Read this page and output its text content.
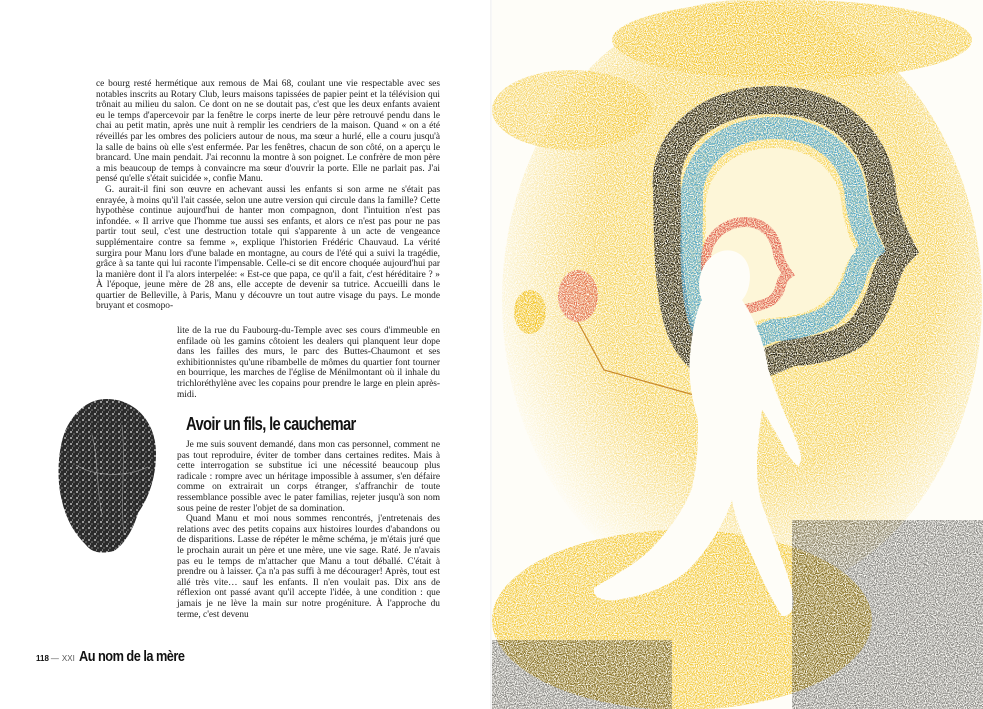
ce bourg resté hermétique aux remous de Mai 68, coulant une vie respectable avec ses notables inscrits au Rotary Club, leurs maisons tapissées de papier peint et la télévision qui trônait au milieu du salon. Ce dont on ne se doutait pas, c'est que les deux enfants avaient eu le temps d'apercevoir par la fenêtre le corps inerte de leur père retrouvé pendu dans le chai au petit matin, après une nuit à remplir les cendriers de la maison. Quand « on a été réveillés par les ombres des policiers autour de nous, ma sœur a hurlé, elle a couru jusqu'à la salle de bains où elle s'est enfermée. Par les fenêtres, chacun de son côté, on a aperçu le brancard. Une main pendait. J'ai reconnu la montre à son poignet. Le confrère de mon père a mis beaucoup de temps à convaincre ma sœur d'ouvrir la porte. Elle ne parlait pas. J'ai pensé qu'elle s'était suicidée », confie Manu.

G. aurait-il fini son œuvre en achevant aussi les enfants si son arme ne s'était pas enrayée, à moins qu'il l'ait cassée, selon une autre version qui circule dans la famille? Cette hypothèse continue aujourd'hui de hanter mon compagnon, dont l'intuition n'est pas infondée. « Il arrive que l'homme tue aussi ses enfants, et alors ce n'est pas pour ne pas partir tout seul, c'est une destruction totale qui s'apparente à un acte de vengeance supplémentaire contre sa femme », explique l'historien Frédéric Chauvaud. La vérité surgira pour Manu lors d'une balade en montagne, au cours de l'été qui a suivi la tragédie, grâce à sa tante qui lui raconte l'impensable. Celle-ci se dit encore choquée aujourd'hui par la manière dont il l'a alors interpelée: « Est-ce que papa, ce qu'il a fait, c'est héréditaire ? » À l'époque, jeune mère de 28 ans, elle accepte de devenir sa tutrice. Accueilli dans le quartier de Belleville, à Paris, Manu y découvre un tout autre visage du pays. Le monde bruyant et cosmopo-

lite de la rue du Faubourg-du-Temple avec ses cours d'immeuble en enfilade où les gamins côtoient les dealers qui planquent leur dope dans les failles des murs, le parc des Buttes-Chaumont et ses exhibitionnistes qu'une ribambelle de mômes du quartier font tourner en bourrique, les marches de l'église de Ménilmontant où il inhale du trichloréthylène avec les copains pour prendre le large en plein après-midi.

Avoir un fils, le cauchemar

Je me suis souvent demandé, dans mon cas personnel, comment ne pas tout reproduire, éviter de tomber dans certaines redites. Mais à cette interrogation se substitue ici une nécessité beaucoup plus radicale : rompre avec un héritage impossible à assumer, s'en défaire comme on extrairait un corps étranger, s'affranchir de toute ressemblance possible avec le pater familias, rejeter jusqu'à son nom sous peine de rester l'objet de sa domination.

Quand Manu et moi nous sommes rencontrés, j'entretenais des relations avec des petits copains aux histoires lourdes d'abandons ou de disparitions. Lasse de répéter le même schéma, je m'étais juré que le prochain aurait un père et une mère, une vie sage. Raté. Je n'avais pas eu le temps de m'attacher que Manu a tout déballé. C'était à prendre ou à laisser. Ça n'a pas suffi à me décourager! Après, tout est allé très vite… sauf les enfants. Il n'en voulait pas. Dix ans de réflexion ont passé avant qu'il accepte l'idée, à une condition : que jamais je ne lève la main sur notre progéniture. À l'approche du terme, c'est devenu

118 — XXI Au nom de la mère
